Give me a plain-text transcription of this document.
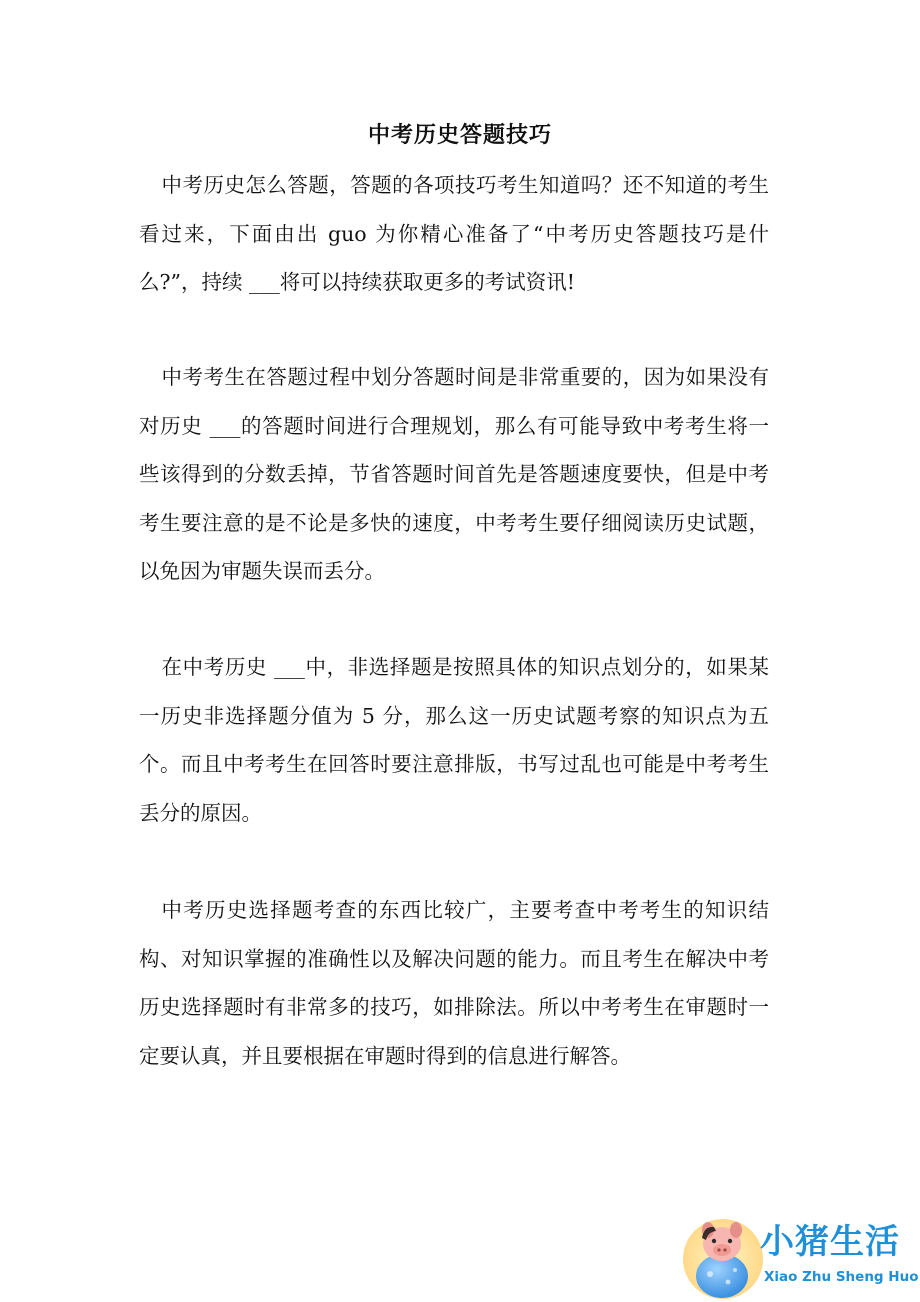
中考历史答题技巧

中考历史怎么答题，答题的各项技巧考生知道吗？还不知道的考生看过来，下面由出 guo 为你精心准备了“中考历史答题技巧是什么?”，持续 ___将可以持续获取更多的考试资讯!

中考考生在答题过程中划分答题时间是非常重要的，因为如果没有对历史 ___的答题时间进行合理规划，那么有可能导致中考考生将一些该得到的分数丢掉，节省答题时间首先是答题速度要快，但是中考考生要注意的是不论是多快的速度，中考考生要仔细阅读历史试题，以免因为审题失误而丢分。

在中考历史 ___中，非选择题是按照具体的知识点划分的，如果某一历史非选择题分值为 5 分，那么这一历史试题考察的知识点为五个。而且中考考生在回答时要注意排版，书写过乱也可能是中考考生丢分的原因。

中考历史选择题考查的东西比较广，主要考查中考考生的知识结构、对知识掌握的准确性以及解决问题的能力。而且考生在解决中考历史选择题时有非常多的技巧，如排除法。所以中考考生在审题时一定要认真，并且要根据在审题时得到的信息进行解答。

小猪生活
Xiao Zhu Sheng Huo
